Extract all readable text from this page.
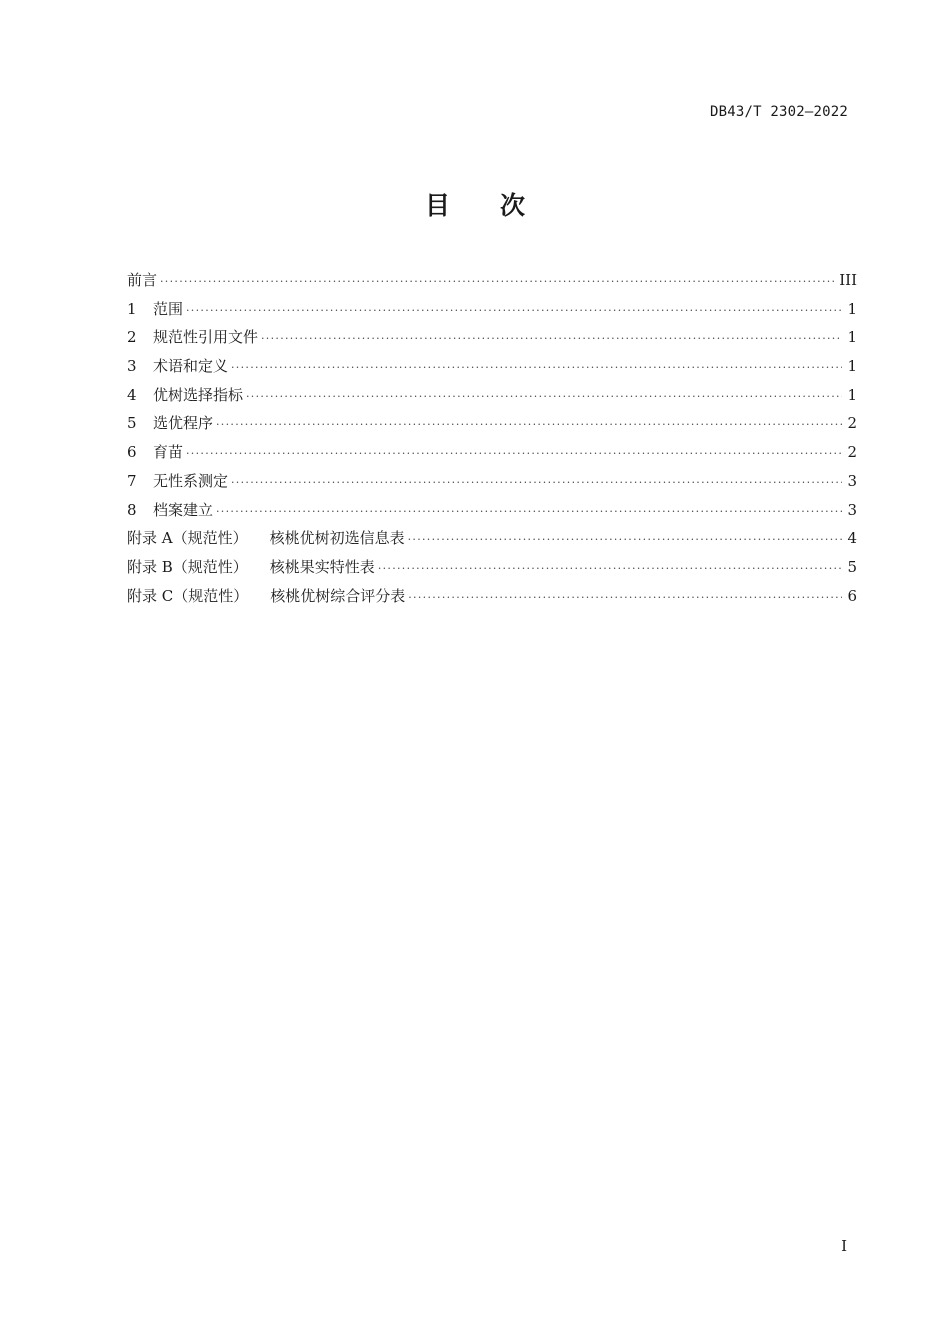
DB43/T 2302—2022
目 次
前言 ·····	III
1 范围 ·····	1
2 规范性引用文件 ·····	1
3 术语和定义 ·····	1
4 优树选择指标 ·····	1
5 选优程序 ·····	2
6 育苗 ·····	2
7 无性系测定 ·····	3
8 档案建立 ·····	3
附录 A（规范性） 核桃优树初选信息表 ·····	4
附录 B（规范性） 核桃果实特性表 ·····	5
附录 C（规范性） 核桃优树综合评分表 ·····	6
I
